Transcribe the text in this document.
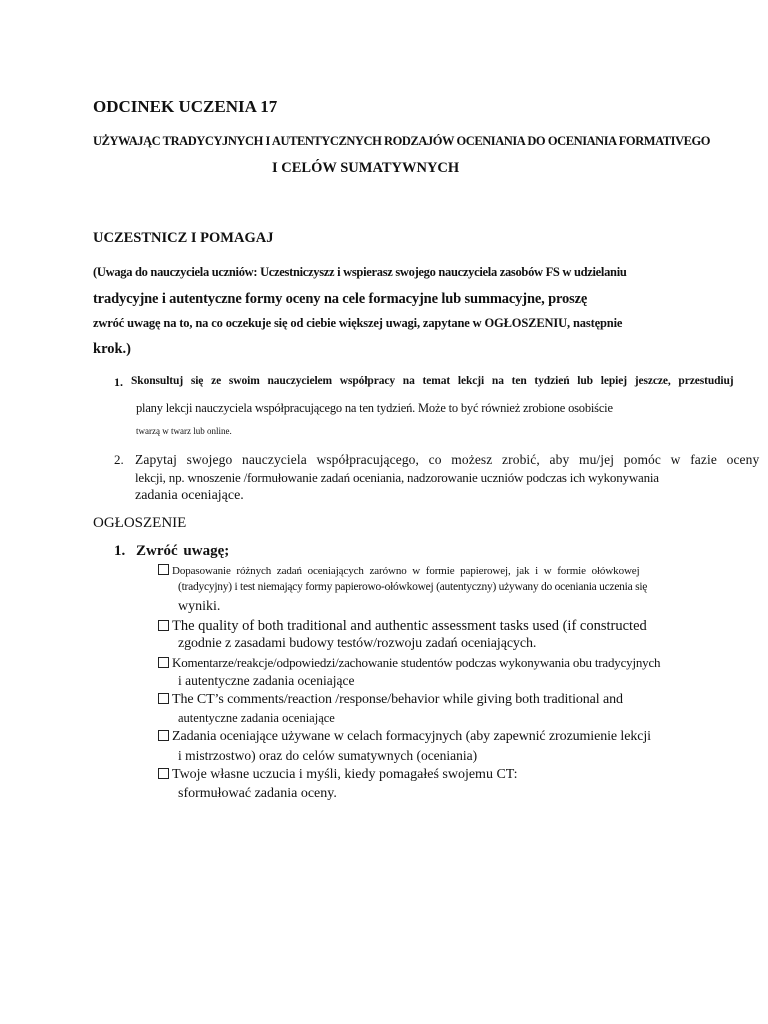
ODCINEK UCZENIA 17
UŻYWAJĄC TRADYCYJNYCH I AUTENTYCZNYCH RODZAJÓW OCENIANIA DO OCENIANIA FORMATIVEGO
I CELÓW SUMATYWNYCH
UCZESTNICZ I POMAGAJ
(Uwaga do nauczyciela uczniów: Uczestniczyszz i wspierasz swojego nauczyciela zasobów FS w udzielaniu
tradycyjne i autentyczne formy oceny na cele formacyjne lub summacyjne, proszę
zwróć uwagę na to, na co oczekuje się od ciebie większej uwagi, zapytane w OGŁOSZENIU, następnie
krok.)
1. Skonsultuj się ze swoim nauczycielem współpracy na temat lekcji na ten tydzień lub lepiej jeszcze, przestudiuj
plany lekcji nauczyciela współpracującego na ten tydzień. Może to być również zrobione osobiście
twarzą w twarz lub online.
2. Zapytaj swojego nauczyciela współpracującego, co możesz zrobić, aby mu/jej pomóc w fazie oceny
lekcji, np. wnoszenie /formułowanie zadań oceniania, nadzorowanie uczniów podczas ich wykonywania
zadania oceniające.
OGŁOSZENIE
1. Zwróć uwagę;
Dopasowanie różnych zadań oceniających zarówno w formie papierowej, jak i w formie ołówkowej
(tradycyjny) i test niemający formy papierowo-ołówkowej (autentyczny) używany do oceniania uczenia się
wyniki.
The quality of both traditional and authentic assessment tasks used (if constructed
zgodnie z zasadami budowy testów/rozwoju zadań oceniających.
Komentarze/reakcje/odpowiedzi/zachowanie studentów podczas wykonywania obu tradycyjnych
i autentyczne zadania oceniające
The CT’s comments/reaction /response/behavior while giving both traditional and
autentyczne zadania oceniające
Zadania oceniające używane w celach formacyjnych (aby zapewnić zrozumienie lekcji
i mistrzostwo) oraz do celów sumatywnych (oceniania)
Twoje własne uczucia i myśli, kiedy pomagałeś swojemu CT:
sformułować zadania oceny.
